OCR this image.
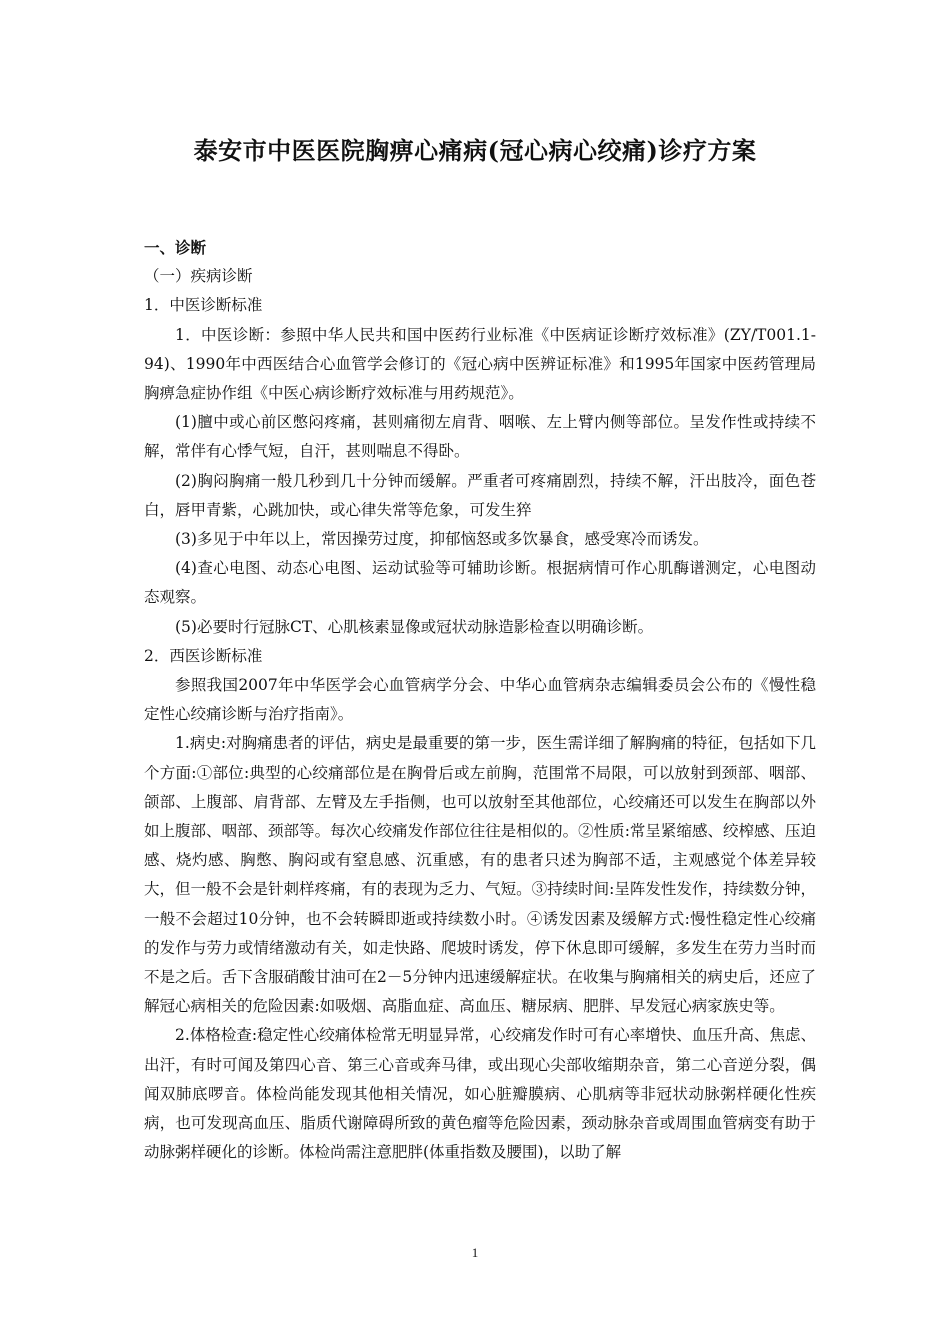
泰安市中医医院胸痹心痛病(冠心病心绞痛)诊疗方案

一、诊断

（一）疾病诊断

1．中医诊断标准

1．中医诊断：参照中华人民共和国中医药行业标准《中医病证诊断疗效标准》(ZY/T001.1-94)、1990年中西医结合心血管学会修订的《冠心病中医辨证标准》和1995年国家中医药管理局胸痹急症协作组《中医心病诊断疗效标准与用药规范》。

(1)膻中或心前区憋闷疼痛，甚则痛彻左肩背、咽喉、左上臂内侧等部位。呈发作性或持续不解，常伴有心悸气短，自汗，甚则喘息不得卧。

(2)胸闷胸痛一般几秒到几十分钟而缓解。严重者可疼痛剧烈，持续不解，汗出肢冷，面色苍白，唇甲青紫，心跳加快，或心律失常等危象，可发生猝

(3)多见于中年以上，常因操劳过度，抑郁恼怒或多饮暴食，感受寒冷而诱发。

(4)查心电图、动态心电图、运动试验等可辅助诊断。根据病情可作心肌酶谱测定，心电图动态观察。

(5)必要时行冠脉CT、心肌核素显像或冠状动脉造影检查以明确诊断。

2．西医诊断标准

参照我国2007年中华医学会心血管病学分会、中华心血管病杂志编辑委员会公布的《慢性稳定性心绞痛诊断与治疗指南》。

1.病史:对胸痛患者的评估，病史是最重要的第一步，医生需详细了解胸痛的特征，包括如下几个方面:①部位:典型的心绞痛部位是在胸骨后或左前胸，范围常不局限，可以放射到颈部、咽部、颌部、上腹部、肩背部、左臂及左手指侧，也可以放射至其他部位，心绞痛还可以发生在胸部以外如上腹部、咽部、颈部等。每次心绞痛发作部位往往是相似的。②性质:常呈紧缩感、绞榨感、压迫感、烧灼感、胸憋、胸闷或有窒息感、沉重感，有的患者只述为胸部不适，主观感觉个体差异较大，但一般不会是针刺样疼痛，有的表现为乏力、气短。③持续时间:呈阵发性发作，持续数分钟，一般不会超过10分钟，也不会转瞬即逝或持续数小时。④诱发因素及缓解方式:慢性稳定性心绞痛的发作与劳力或情绪激动有关，如走快路、爬坡时诱发，停下休息即可缓解，多发生在劳力当时而不是之后。舌下含服硝酸甘油可在2－5分钟内迅速缓解症状。在收集与胸痛相关的病史后，还应了解冠心病相关的危险因素:如吸烟、高脂血症、高血压、糖尿病、肥胖、早发冠心病家族史等。

2.体格检查:稳定性心绞痛体检常无明显异常，心绞痛发作时可有心率增快、血压升高、焦虑、出汗，有时可闻及第四心音、第三心音或奔马律，或出现心尖部收缩期杂音，第二心音逆分裂，偶闻双肺底啰音。体检尚能发现其他相关情况，如心脏瓣膜病、心肌病等非冠状动脉粥样硬化性疾病，也可发现高血压、脂质代谢障碍所致的黄色瘤等危险因素，颈动脉杂音或周围血管病变有助于动脉粥样硬化的诊断。体检尚需注意肥胖(体重指数及腰围)，以助了解

1
